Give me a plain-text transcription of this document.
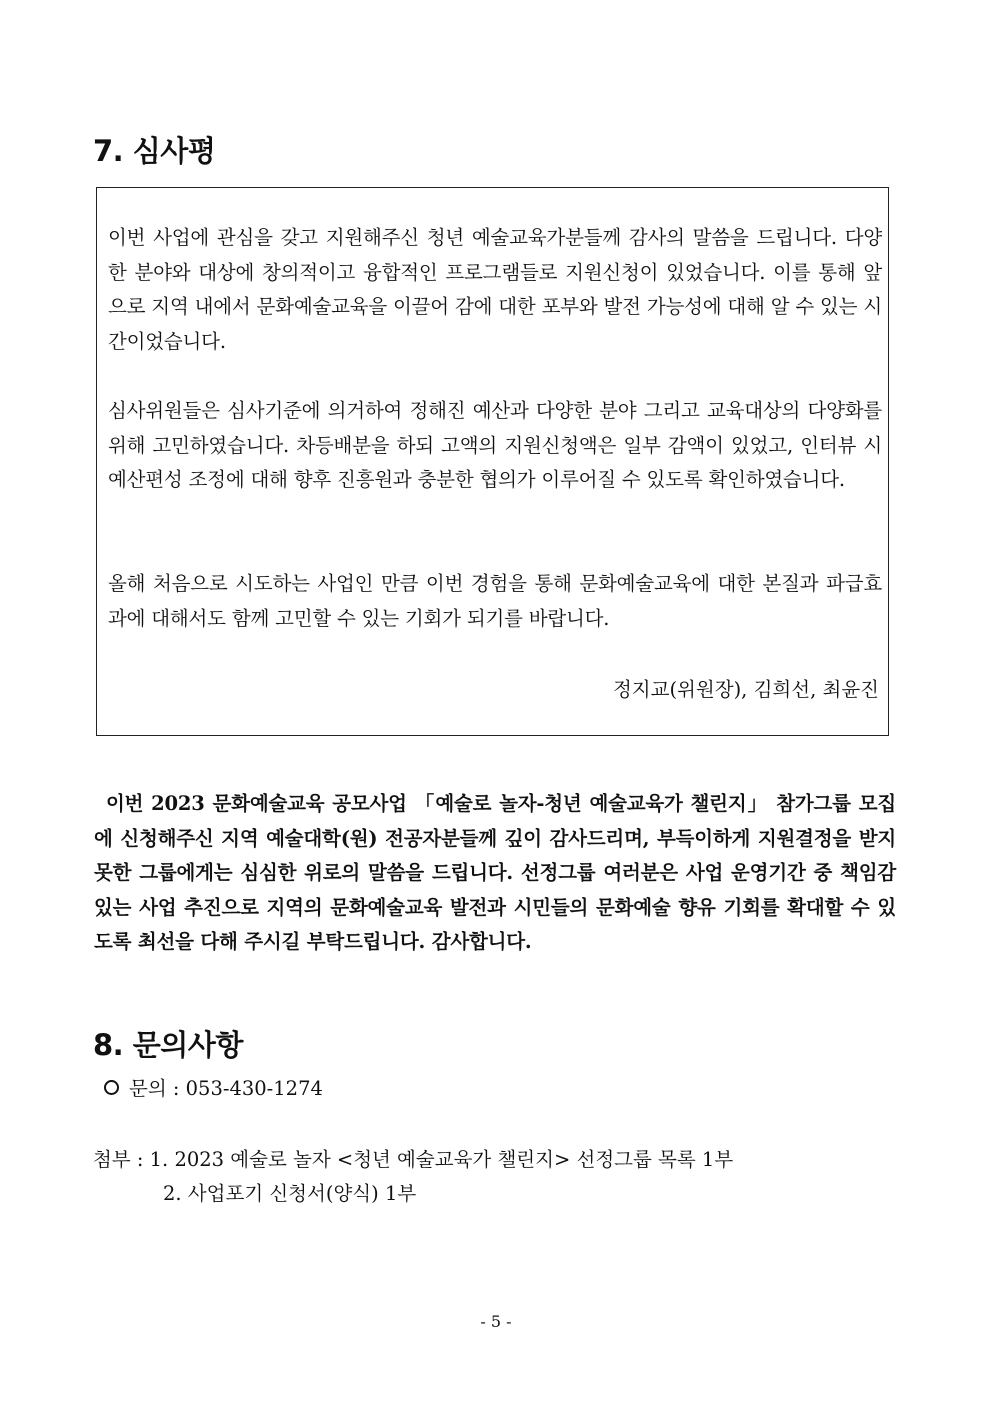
7. 심사평

이번 사업에 관심을 갖고 지원해주신 청년 예술교육가분들께 감사의 말씀을 드립니다. 다양한 분야와 대상에 창의적이고 융합적인 프로그램들로 지원신청이 있었습니다. 이를 통해 앞으로 지역 내에서 문화예술교육을 이끌어 감에 대한 포부와 발전 가능성에 대해 알 수 있는 시간이었습니다.

심사위원들은 심사기준에 의거하여 정해진 예산과 다양한 분야 그리고 교육대상의 다양화를 위해 고민하였습니다. 차등배분을 하되 고액의 지원신청액은 일부 감액이 있었고, 인터뷰 시 예산편성 조정에 대해 향후 진흥원과 충분한 협의가 이루어질 수 있도록 확인하였습니다.

올해 처음으로 시도하는 사업인 만큼 이번 경험을 통해 문화예술교육에 대한 본질과 파급효과에 대해서도 함께 고민할 수 있는 기회가 되기를 바랍니다.

정지교(위원장), 김희선, 최윤진

이번 2023 문화예술교육 공모사업 「예술로 놀자-청년 예술교육가 챌린지」 참가그룹 모집에 신청해주신 지역 예술대학(원) 전공자분들께 깊이 감사드리며, 부득이하게 지원결정을 받지 못한 그룹에게는 심심한 위로의 말씀을 드립니다. 선정그룹 여러분은 사업 운영기간 중 책임감 있는 사업 추진으로 지역의 문화예술교육 발전과 시민들의 문화예술 향유 기회를 확대할 수 있도록 최선을 다해 주시길 부탁드립니다. 감사합니다.

8. 문의사항

문의 : 053-430-1274

첨부 : 1. 2023 예술로 놀자 <청년 예술교육가 챌린지> 선정그룹 목록 1부

2. 사업포기 신청서(양식) 1부

- 5 -
